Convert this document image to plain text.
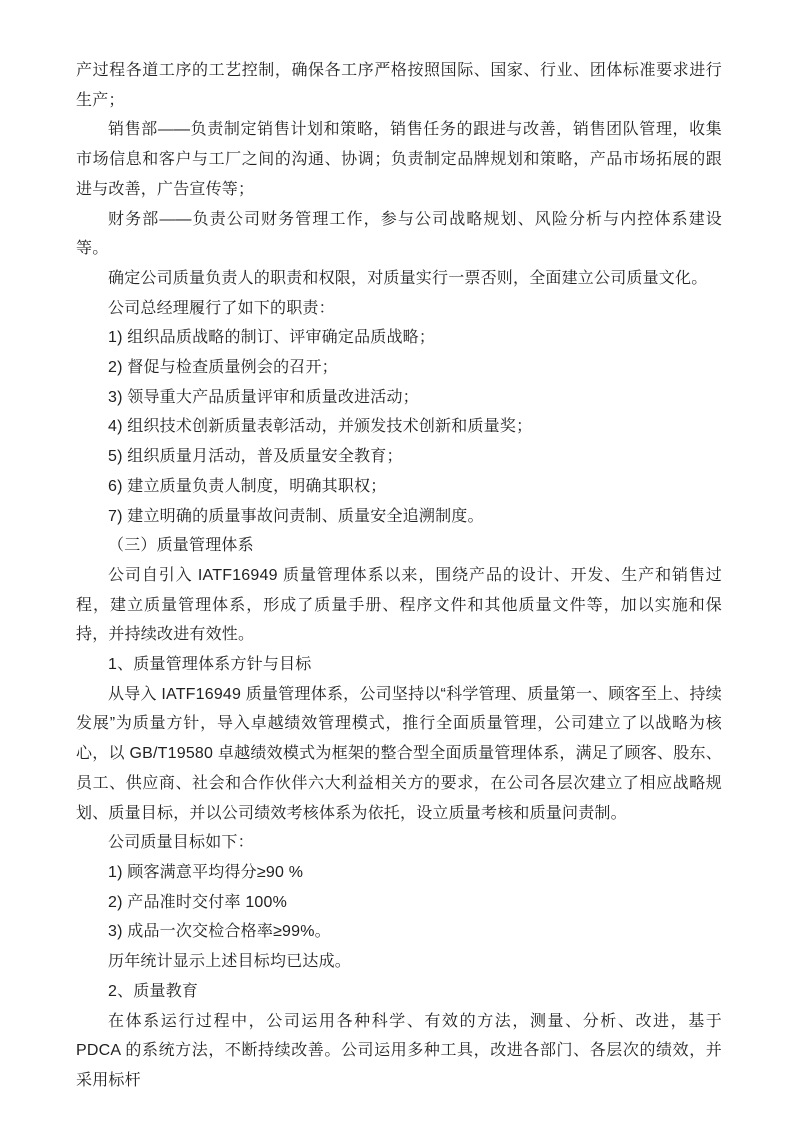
产过程各道工序的工艺控制，确保各工序严格按照国际、国家、行业、团体标准要求进行生产；

销售部——负责制定销售计划和策略，销售任务的跟进与改善，销售团队管理，收集市场信息和客户与工厂之间的沟通、协调；负责制定品牌规划和策略，产品市场拓展的跟进与改善，广告宣传等；

财务部——负责公司财务管理工作，参与公司战略规划、风险分析与内控体系建设等。

确定公司质量负责人的职责和权限，对质量实行一票否则，全面建立公司质量文化。

公司总经理履行了如下的职责：

1) 组织品质战略的制订、评审确定品质战略；

2) 督促与检查质量例会的召开；

3) 领导重大产品质量评审和质量改进活动；

4) 组织技术创新质量表彰活动，并颁发技术创新和质量奖；

5) 组织质量月活动，普及质量安全教育；

6) 建立质量负责人制度，明确其职权；

7) 建立明确的质量事故问责制、质量安全追溯制度。

（三）质量管理体系

公司自引入 IATF16949 质量管理体系以来，围绕产品的设计、开发、生产和销售过程，建立质量管理体系，形成了质量手册、程序文件和其他质量文件等，加以实施和保持，并持续改进有效性。

1、质量管理体系方针与目标

从导入 IATF16949 质量管理体系，公司坚持以“科学管理、质量第一、顾客至上、持续发展”为质量方针，导入卓越绩效管理模式，推行全面质量管理，公司建立了以战略为核心，以 GB/T19580 卓越绩效模式为框架的整合型全面质量管理体系，满足了顾客、股东、员工、供应商、社会和合作伙伴六大利益相关方的要求，在公司各层次建立了相应战略规划、质量目标，并以公司绩效考核体系为依托，设立质量考核和质量问责制。

公司质量目标如下：

1) 顾客满意平均得分≥90 %

2) 产品准时交付率 100%

3) 成品一次交检合格率≥99%。

历年统计显示上述目标均已达成。

2、质量教育

在体系运行过程中，公司运用各种科学、有效的方法，测量、分析、改进，基于 PDCA 的系统方法，不断持续改善。公司运用多种工具，改进各部门、各层次的绩效，并采用标杆
